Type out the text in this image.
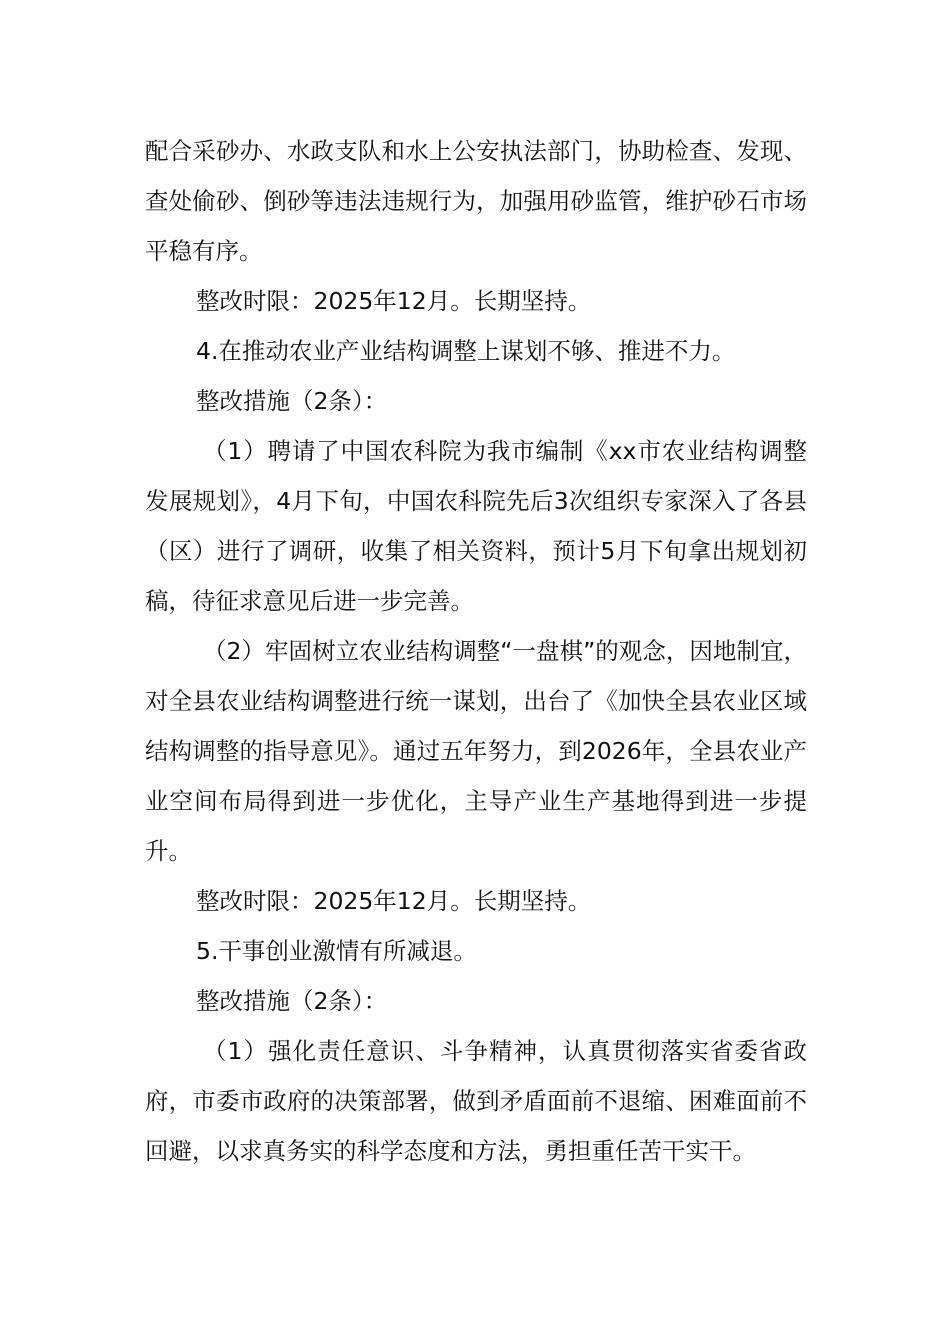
配合采砂办、水政支队和水上公安执法部门，协助检查、发现、查处偷砂、倒砂等违法违规行为，加强用砂监管，维护砂石市场平稳有序。

整改时限：2025年12月。长期坚持。

4.在推动农业产业结构调整上谋划不够、推进不力。

整改措施（2条）：

（1）聘请了中国农科院为我市编制《xx市农业结构调整发展规划》，4月下旬，中国农科院先后3次组织专家深入了各县（区）进行了调研，收集了相关资料，预计5月下旬拿出规划初稿，待征求意见后进一步完善。

（2）牢固树立农业结构调整“一盘棋”的观念，因地制宜，对全县农业结构调整进行统一谋划，出台了《加快全县农业区域结构调整的指导意见》。通过五年努力，到2026年，全县农业产业空间布局得到进一步优化，主导产业生产基地得到进一步提升。

整改时限：2025年12月。长期坚持。

5.干事创业激情有所减退。

整改措施（2条）：

（1）强化责任意识、斗争精神，认真贯彻落实省委省政府，市委市政府的决策部署，做到矛盾面前不退缩、困难面前不回避，以求真务实的科学态度和方法，勇担重任苦干实干。
